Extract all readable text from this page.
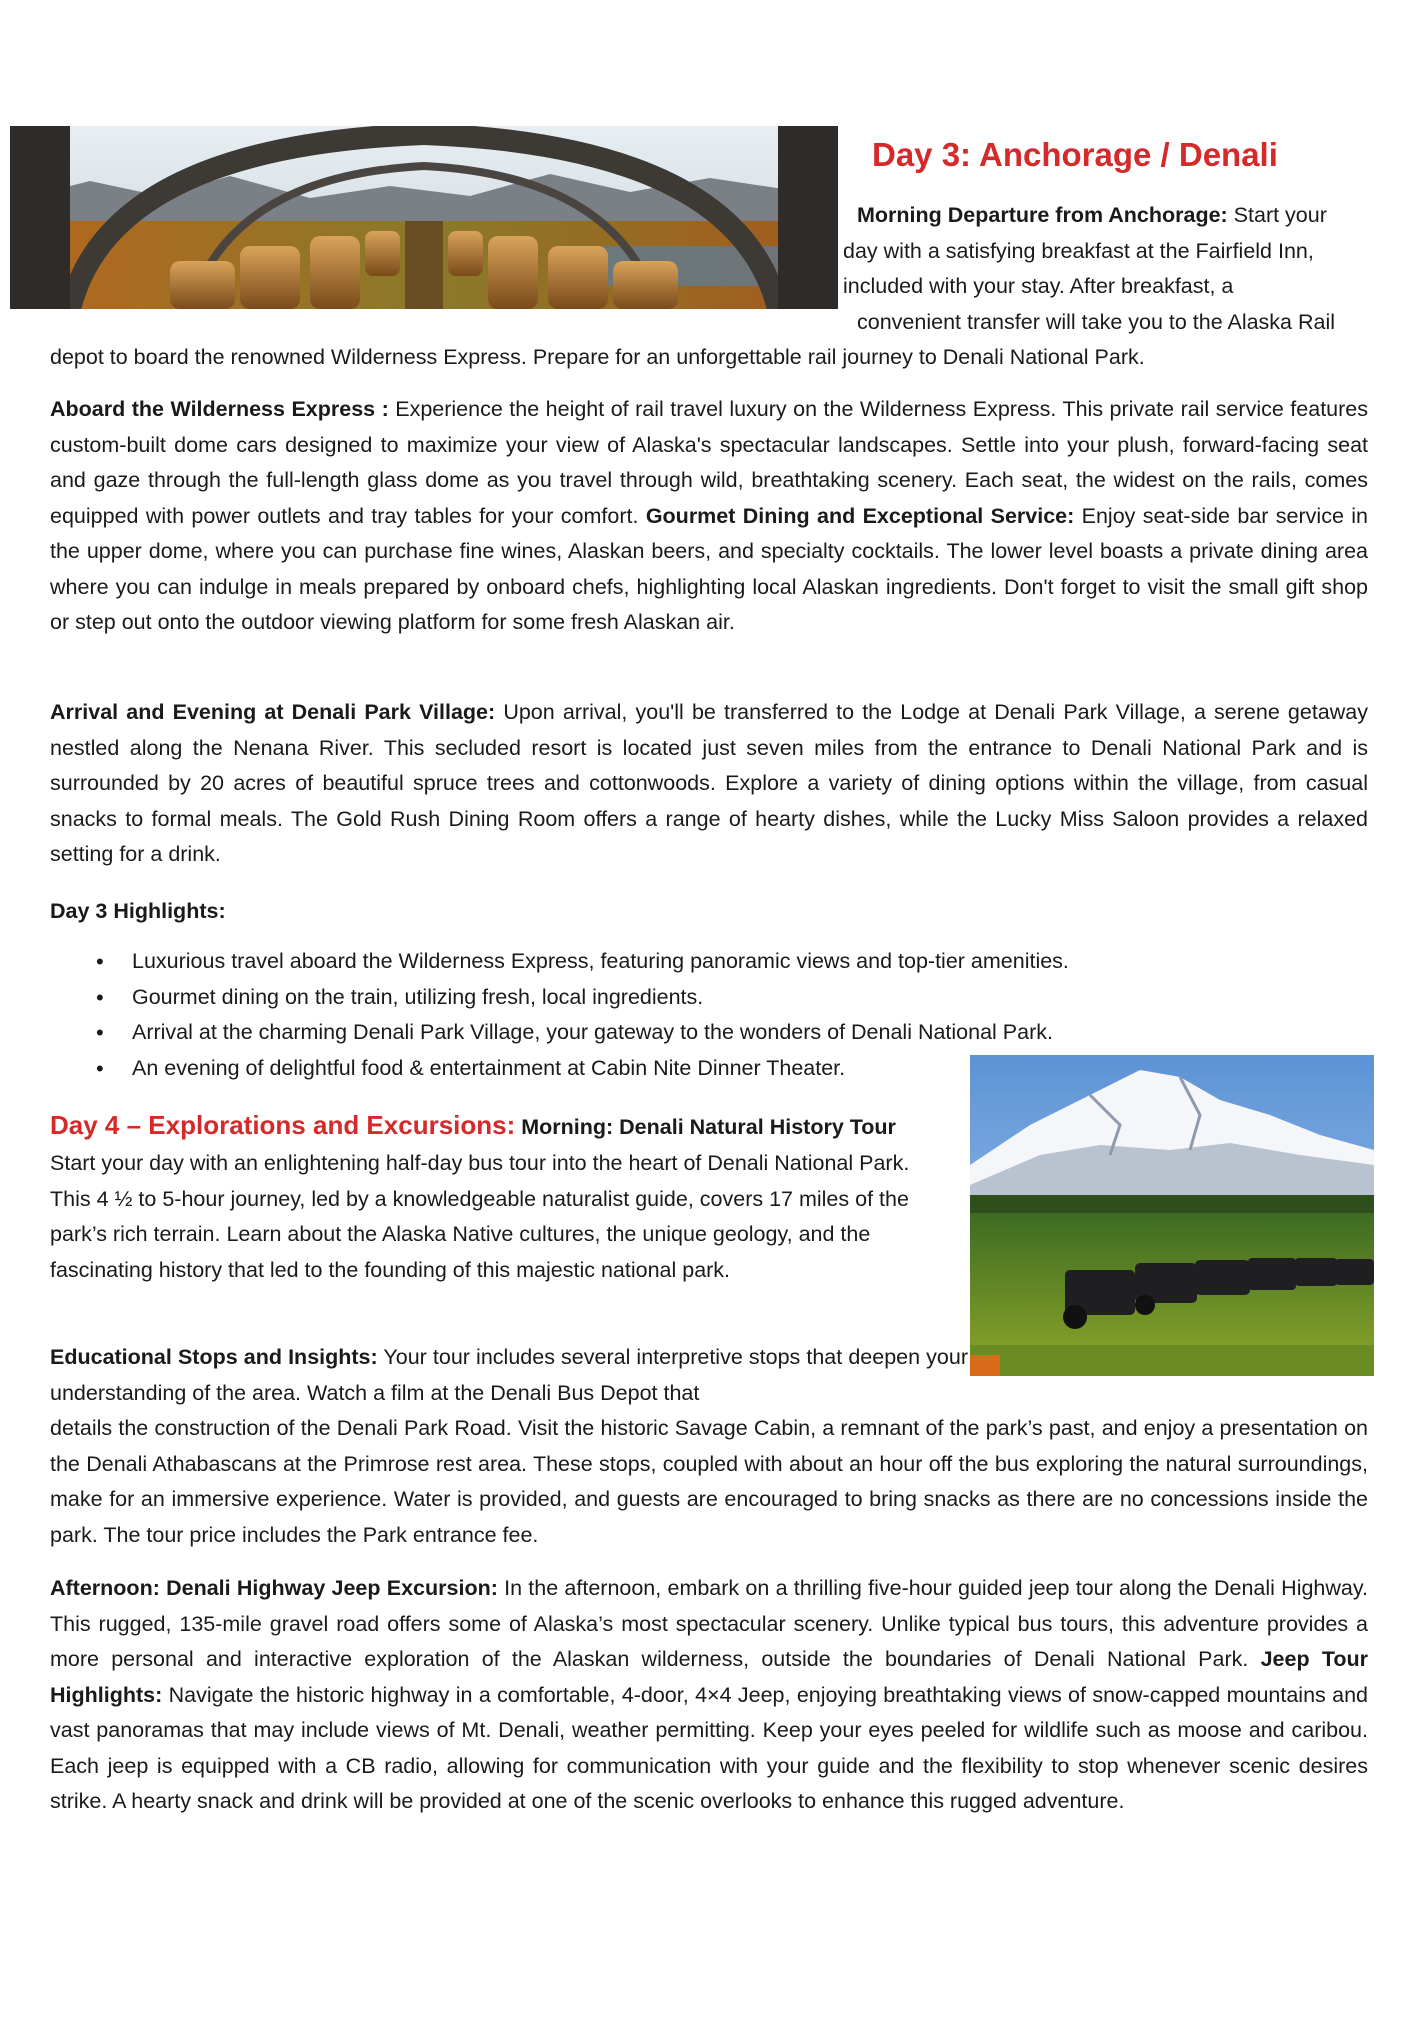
Day 3: Anchorage / Denali

Morning Departure from Anchorage: Start your
day with a satisfying breakfast at the Fairfield Inn,
included with your stay. After breakfast, a
convenient transfer will take you to the Alaska Rail

depot to board the renowned Wilderness Express. Prepare for an unforgettable rail journey to Denali National Park.

Aboard the Wilderness Express : Experience the height of rail travel luxury on the Wilderness Express. This private rail service features custom-built dome cars designed to maximize your view of Alaska's spectacular landscapes. Settle into your plush, forward-facing seat and gaze through the full-length glass dome as you travel through wild, breathtaking scenery. Each seat, the widest on the rails, comes equipped with power outlets and tray tables for your comfort. Gourmet Dining and Exceptional Service: Enjoy seat-side bar service in the upper dome, where you can purchase fine wines, Alaskan beers, and specialty cocktails. The lower level boasts a private dining area where you can indulge in meals prepared by onboard chefs, highlighting local Alaskan ingredients. Don't forget to visit the small gift shop or step out onto the outdoor viewing platform for some fresh Alaskan air.

Arrival and Evening at Denali Park Village: Upon arrival, you'll be transferred to the Lodge at Denali Park Village, a serene getaway nestled along the Nenana River. This secluded resort is located just seven miles from the entrance to Denali National Park and is surrounded by 20 acres of beautiful spruce trees and cottonwoods. Explore a variety of dining options within the village, from casual snacks to formal meals. The Gold Rush Dining Room offers a range of hearty dishes, while the Lucky Miss Saloon provides a relaxed setting for a drink.

Day 3 Highlights:

• Luxurious travel aboard the Wilderness Express, featuring panoramic views and top-tier amenities.
• Gourmet dining on the train, utilizing fresh, local ingredients.
• Arrival at the charming Denali Park Village, your gateway to the wonders of Denali National Park.
• An evening of delightful food & entertainment at Cabin Nite Dinner Theater.

Day 4 – Explorations and Excursions: Morning: Denali Natural History Tour

Start your day with an enlightening half-day bus tour into the heart of Denali National Park. This 4 ½ to 5-hour journey, led by a knowledgeable naturalist guide, covers 17 miles of the park’s rich terrain. Learn about the Alaska Native cultures, the unique geology, and the fascinating history that led to the founding of this majestic national park.

Educational Stops and Insights: Your tour includes several interpretive stops that deepen your understanding of the area. Watch a film at the Denali Bus Depot that

details the construction of the Denali Park Road. Visit the historic Savage Cabin, a remnant of the park’s past, and enjoy a presentation on the Denali Athabascans at the Primrose rest area. These stops, coupled with about an hour off the bus exploring the natural surroundings, make for an immersive experience. Water is provided, and guests are encouraged to bring snacks as there are no concessions inside the park. The tour price includes the Park entrance fee.

Afternoon: Denali Highway Jeep Excursion: In the afternoon, embark on a thrilling five-hour guided jeep tour along the Denali Highway. This rugged, 135-mile gravel road offers some of Alaska’s most spectacular scenery. Unlike typical bus tours, this adventure provides a more personal and interactive exploration of the Alaskan wilderness, outside the boundaries of Denali National Park. Jeep Tour Highlights: Navigate the historic highway in a comfortable, 4-door, 4×4 Jeep, enjoying breathtaking views of snow-capped mountains and vast panoramas that may include views of Mt. Denali, weather permitting. Keep your eyes peeled for wildlife such as moose and caribou. Each jeep is equipped with a CB radio, allowing for communication with your guide and the flexibility to stop whenever scenic desires strike. A hearty snack and drink will be provided at one of the scenic overlooks to enhance this rugged adventure.
